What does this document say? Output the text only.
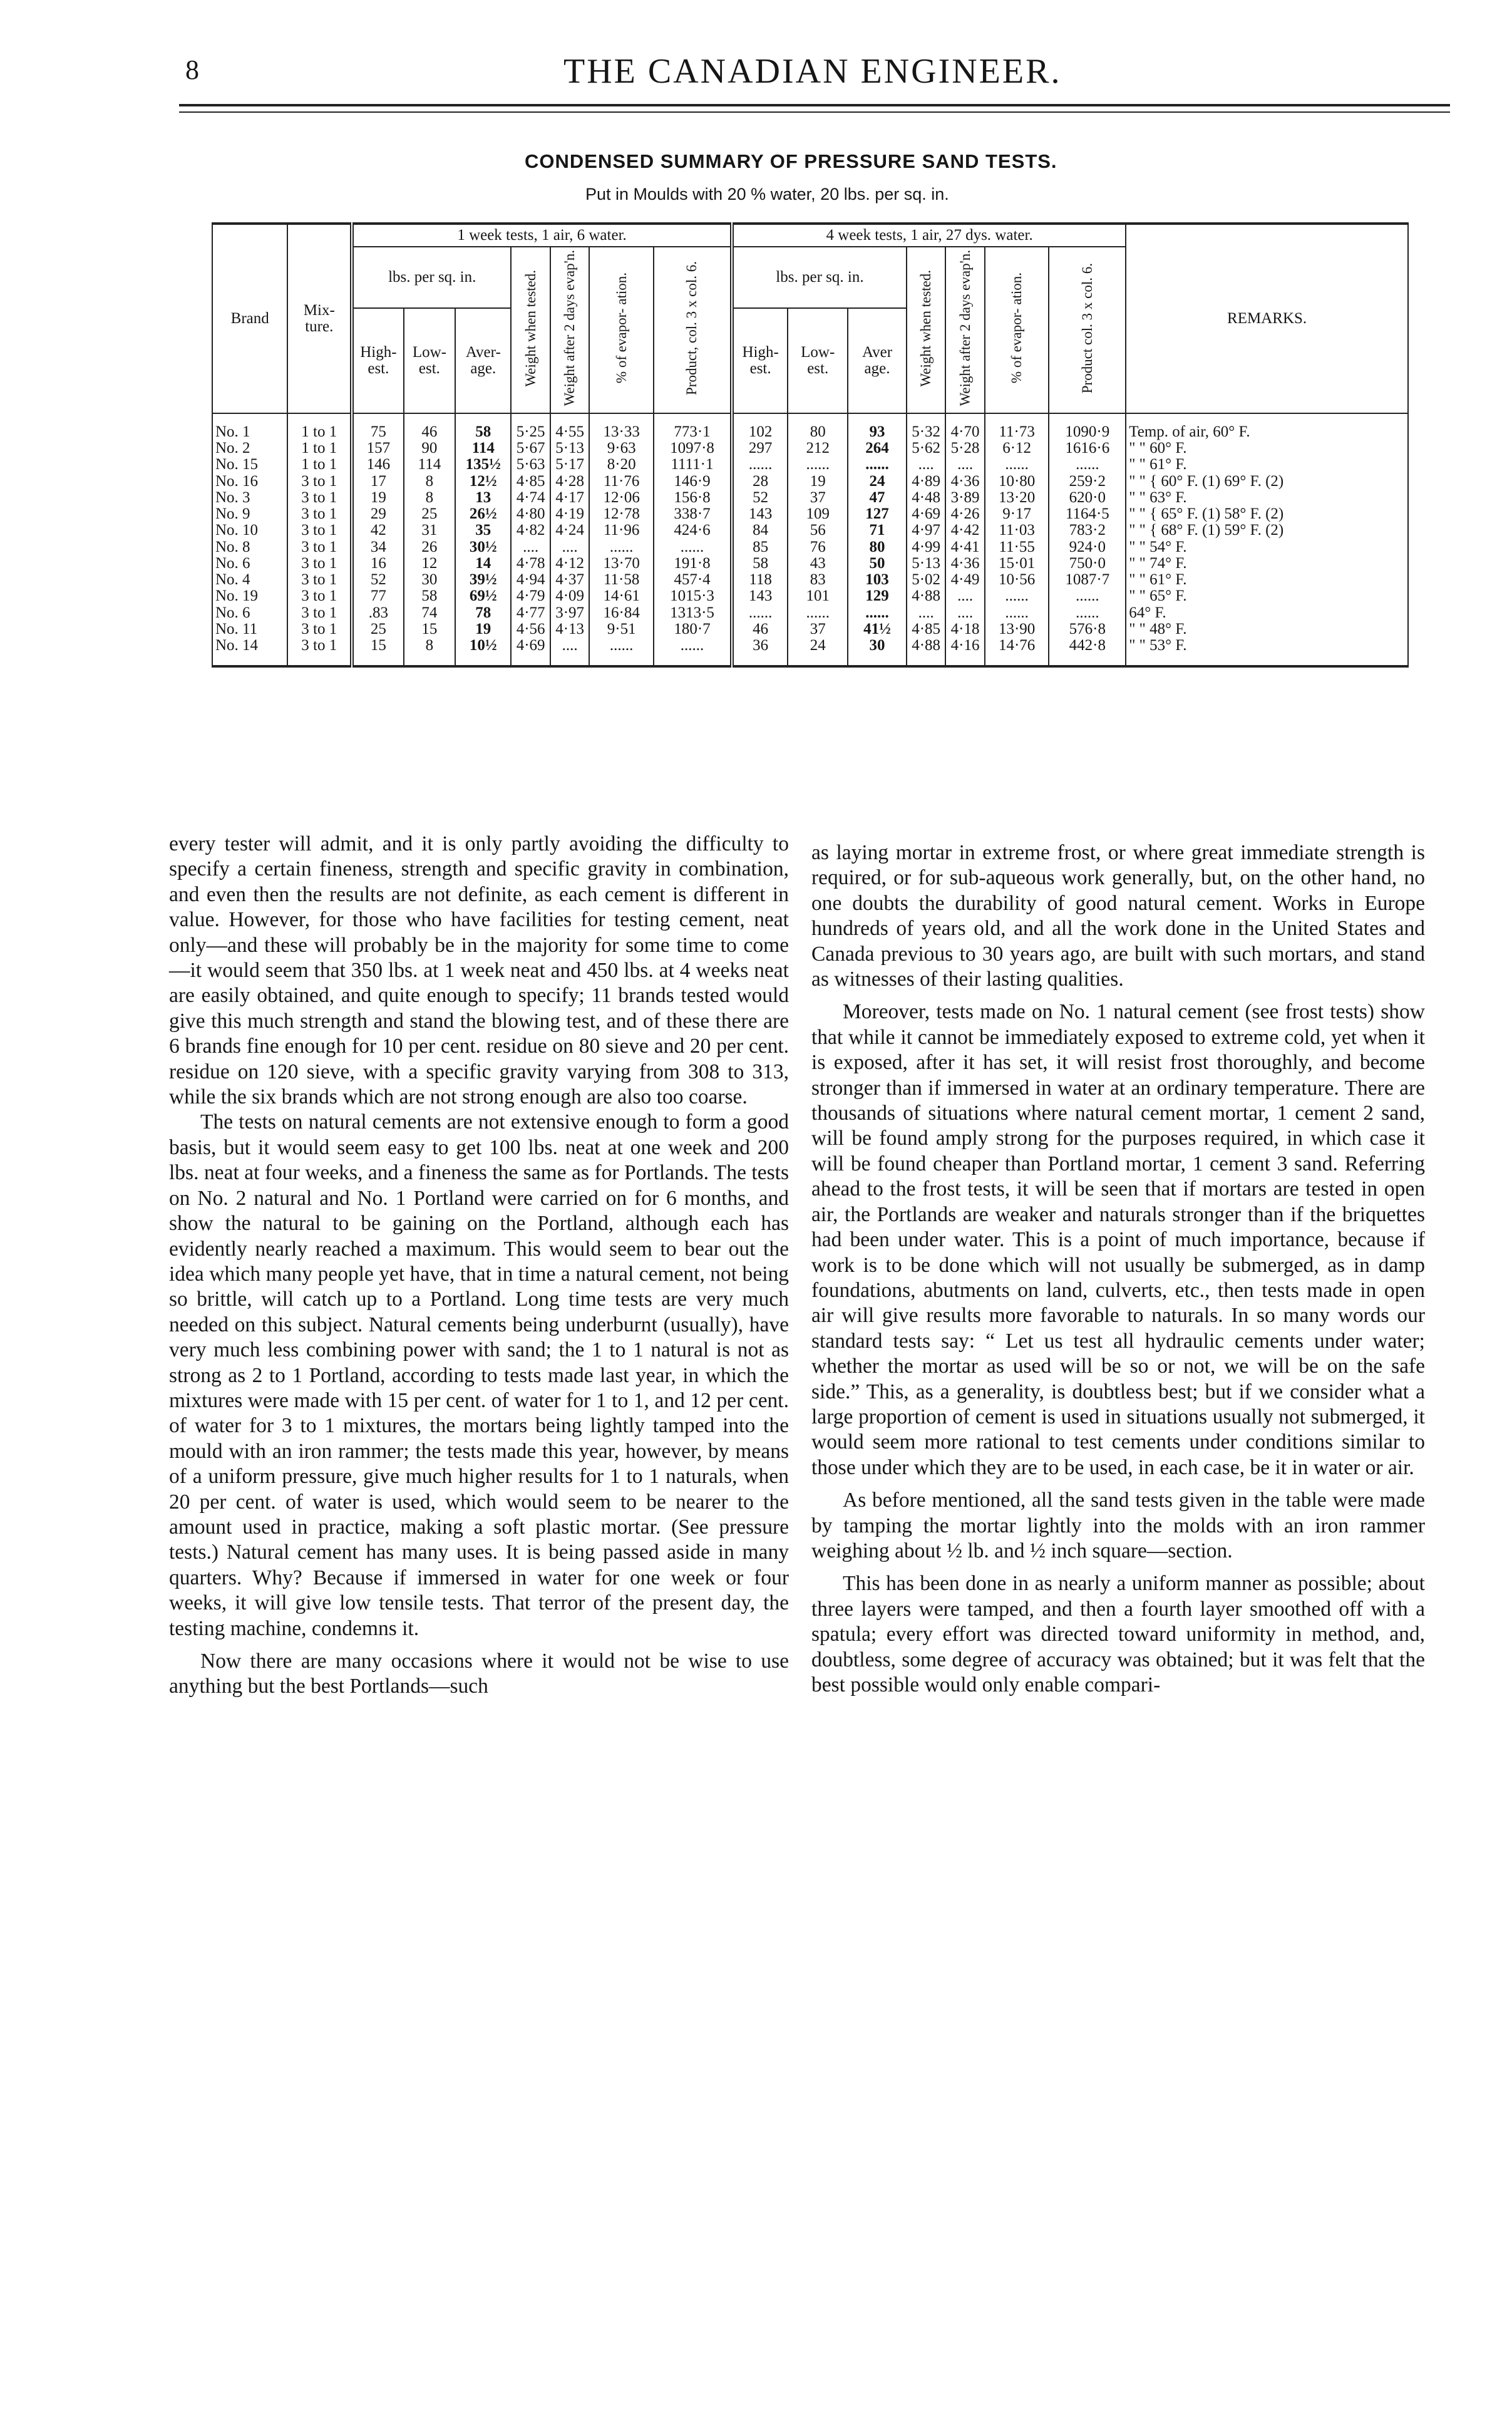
8	THE CANADIAN ENGINEER.
CONDENSED SUMMARY OF PRESSURE SAND TESTS.
Put in Moulds with 20 % water, 20 lbs. per sq. in.
Brand	Mix- ture.	1 week tests, 1 air, 6 water.							4 week tests, 1 air, 27 dys. water.							REMARKS.
		lbs. per sq. in.			Weight when tested.	Weight after 2 days evap'n.	% of evapor- ation.	Product, col. 3 x col. 6.	lbs. per sq. in.			Weight when tested.	Weight after 2 days evap'n.	% of evapor- ation.	Product col. 3 x col. 6.	
		High- est.	Low- est.	Aver- age.					High- est.	Low- est.	Aver age.					
No. 1	1 to 1	75	46	58	5·25	4·55	13·33	773·1	102	80	93	5·32	4·70	11·73	1090·9	Temp. of air, 60° F.
No. 2	1 to 1	157	90	114	5·67	5·13	9·63	1097·8	297	212	264	5·62	5·28	6·12	1616·6	" " 60° F.
No. 15	1 to 1	146	114	135½	5·63	5·17	8·20	1111·1	......	......	......	....	....	......	......	" " 61° F.
No. 16	3 to 1	17	8	12½	4·85	4·28	11·76	146·9	28	19	24	4·89	4·36	10·80	259·2	" " { 60° F. (1) 69° F. (2)
No. 3	3 to 1	19	8	13	4·74	4·17	12·06	156·8	52	37	47	4·48	3·89	13·20	620·0	" " 63° F.
No. 9	3 to 1	29	25	26½	4·80	4·19	12·78	338·7	143	109	127	4·69	4·26	9·17	1164·5	" " { 65° F. (1) 58° F. (2)
No. 10	3 to 1	42	31	35	4·82	4·24	11·96	424·6	84	56	71	4·97	4·42	11·03	783·2	" " { 68° F. (1) 59° F. (2)
No. 8	3 to 1	34	26	30½	....	....	......	......	85	76	80	4·99	4·41	11·55	924·0	" " 54° F.
No. 6	3 to 1	16	12	14	4·78	4·12	13·70	191·8	58	43	50	5·13	4·36	15·01	750·0	" " 74° F.
No. 4	3 to 1	52	30	39½	4·94	4·37	11·58	457·4	118	83	103	5·02	4·49	10·56	1087·7	" " 61° F.
No. 19	3 to 1	77	58	69½	4·79	4·09	14·61	1015·3	143	101	129	4·88	....	......	......	" " 65° F.
No. 6	3 to 1	.83	74	78	4·77	3·97	16·84	1313·5	......	......	......	....	....	......	......	64° F.
No. 11	3 to 1	25	15	19	4·56	4·13	9·51	180·7	46	37	41½	4·85	4·18	13·90	576·8	" " 48° F.
No. 14	3 to 1	15	8	10½	4·69	....	......	......	36	24	30	4·88	4·16	14·76	442·8	" " 53° F.

every tester will admit, and it is only partly avoiding the difficulty to specify a certain fineness, strength and specific gravity in combination, and even then the results are not definite, as each cement is different in value. However, for those who have facilities for testing cement, neat only—and these will probably be in the majority for some time to come—it would seem that 350 lbs. at 1 week neat and 450 lbs. at 4 weeks neat are easily obtained, and quite enough to specify; 11 brands tested would give this much strength and stand the blowing test, and of these there are 6 brands fine enough for 10 per cent. residue on 80 sieve and 20 per cent. residue on 120 sieve, with a specific gravity varying from 308 to 313, while the six brands which are not strong enough are also too coarse.

The tests on natural cements are not extensive enough to form a good basis, but it would seem easy to get 100 lbs. neat at one week and 200 lbs. neat at four weeks, and a fineness the same as for Portlands. The tests on No. 2 natural and No. 1 Portland were carried on for 6 months, and show the natural to be gaining on the Portland, although each has evidently nearly reached a maximum. This would seem to bear out the idea which many people yet have, that in time a natural cement, not being so brittle, will catch up to a Portland. Long time tests are very much needed on this subject. Natural cements being underburnt (usually), have very much less combining power with sand; the 1 to 1 natural is not as strong as 2 to 1 Portland, according to tests made last year, in which the mixtures were made with 15 per cent. of water for 1 to 1, and 12 per cent. of water for 3 to 1 mixtures, the mortars being lightly tamped into the mould with an iron rammer; the tests made this year, however, by means of a uniform pressure, give much higher results for 1 to 1 naturals, when 20 per cent. of water is used, which would seem to be nearer to the amount used in practice, making a soft plastic mortar. (See pressure tests.) Natural cement has many uses. It is being passed aside in many quarters. Why? Because if immersed in water for one week or four weeks, it will give low tensile tests. That terror of the present day, the testing machine, condemns it.

Now there are many occasions where it would not be wise to use anything but the best Portlands—such

as laying mortar in extreme frost, or where great immediate strength is required, or for sub-aqueous work generally, but, on the other hand, no one doubts the durability of good natural cement. Works in Europe hundreds of years old, and all the work done in the United States and Canada previous to 30 years ago, are built with such mortars, and stand as witnesses of their lasting qualities.

Moreover, tests made on No. 1 natural cement (see frost tests) show that while it cannot be immediately exposed to extreme cold, yet when it is exposed, after it has set, it will resist frost thoroughly, and become stronger than if immersed in water at an ordinary temperature. There are thousands of situations where natural cement mortar, 1 cement 2 sand, will be found amply strong for the purposes required, in which case it will be found cheaper than Portland mortar, 1 cement 3 sand. Referring ahead to the frost tests, it will be seen that if mortars are tested in open air, the Portlands are weaker and naturals stronger than if the briquettes had been under water. This is a point of much importance, because if work is to be done which will not usually be submerged, as in damp foundations, abutments on land, culverts, etc., then tests made in open air will give results more favorable to naturals. In so many words our standard tests say: “ Let us test all hydraulic cements under water; whether the mortar as used will be so or not, we will be on the safe side.” This, as a generality, is doubtless best; but if we consider what a large proportion of cement is used in situations usually not submerged, it would seem more rational to test cements under conditions similar to those under which they are to be used, in each case, be it in water or air.

As before mentioned, all the sand tests given in the table were made by tamping the mortar lightly into the molds with an iron rammer weighing about ½ lb. and ½ inch square—section.

This has been done in as nearly a uniform manner as possible; about three layers were tamped, and then a fourth layer smoothed off with a spatula; every effort was directed toward uniformity in method, and, doubtless, some degree of accuracy was obtained; but it was felt that the best possible would only enable compari-
